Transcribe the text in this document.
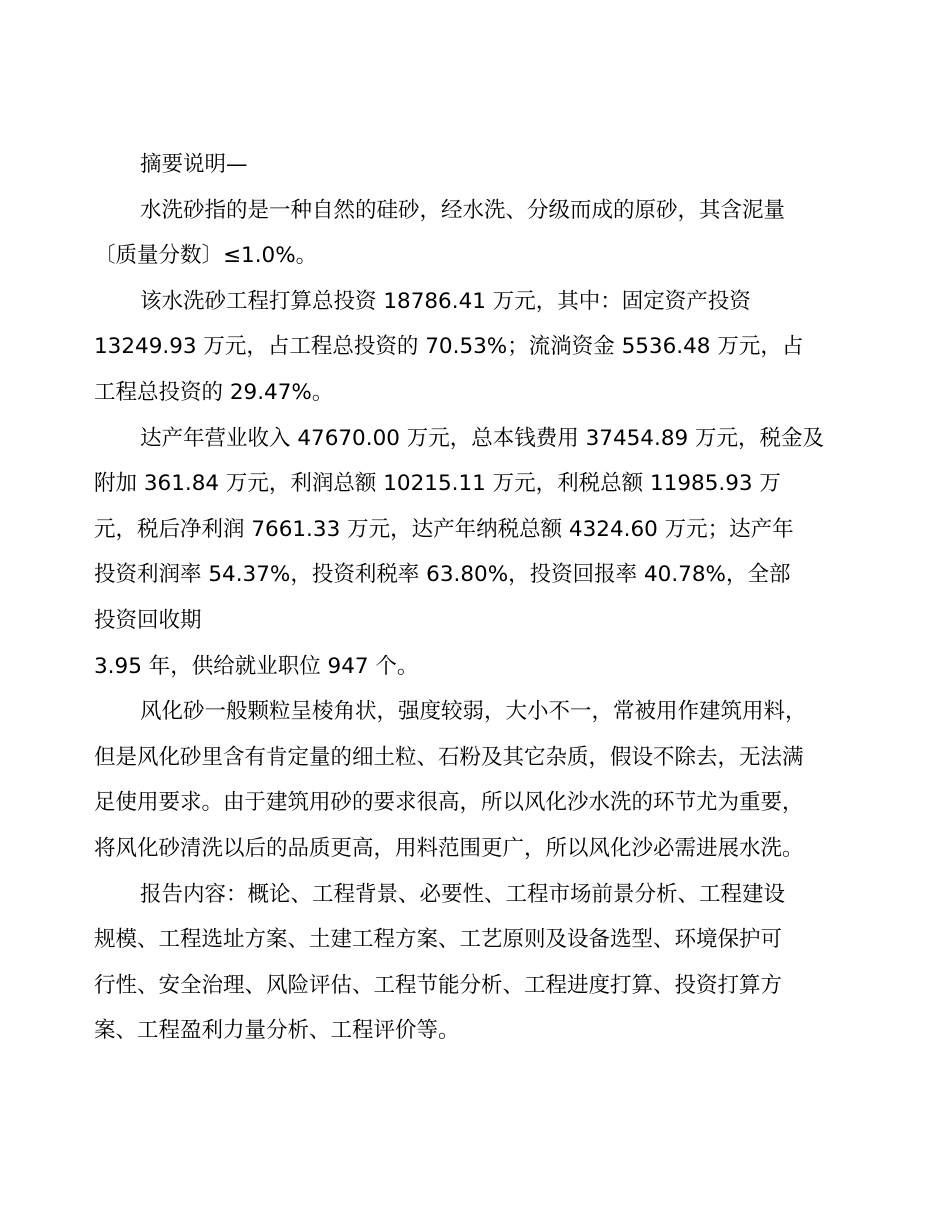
摘要说明—
水洗砂指的是一种自然的硅砂，经水洗、分级而成的原砂，其含泥量
〔质量分数〕≤1.0%。
该水洗砂工程打算总投资 18786.41 万元，其中：固定资产投资
13249.93 万元，占工程总投资的 70.53%；流淌资金 5536.48 万元，占
工程总投资的 29.47%。
达产年营业收入 47670.00 万元，总本钱费用 37454.89 万元，税金及
附加 361.84 万元，利润总额 10215.11 万元，利税总额 11985.93 万
元，税后净利润 7661.33 万元，达产年纳税总额 4324.60 万元；达产年
投资利润率 54.37%，投资利税率 63.80%，投资回报率 40.78%，全部
投资回收期
3.95 年，供给就业职位 947 个。
风化砂一般颗粒呈棱角状，强度较弱，大小不一，常被用作建筑用料，
但是风化砂里含有肯定量的细土粒、石粉及其它杂质，假设不除去，无法满
足使用要求。由于建筑用砂的要求很高，所以风化沙水洗的环节尤为重要，
将风化砂清洗以后的品质更高，用料范围更广，所以风化沙必需进展水洗。
报告内容：概论、工程背景、必要性、工程市场前景分析、工程建设
规模、工程选址方案、土建工程方案、工艺原则及设备选型、环境保护可
行性、安全治理、风险评估、工程节能分析、工程进度打算、投资打算方
案、工程盈利力量分析、工程评价等。
